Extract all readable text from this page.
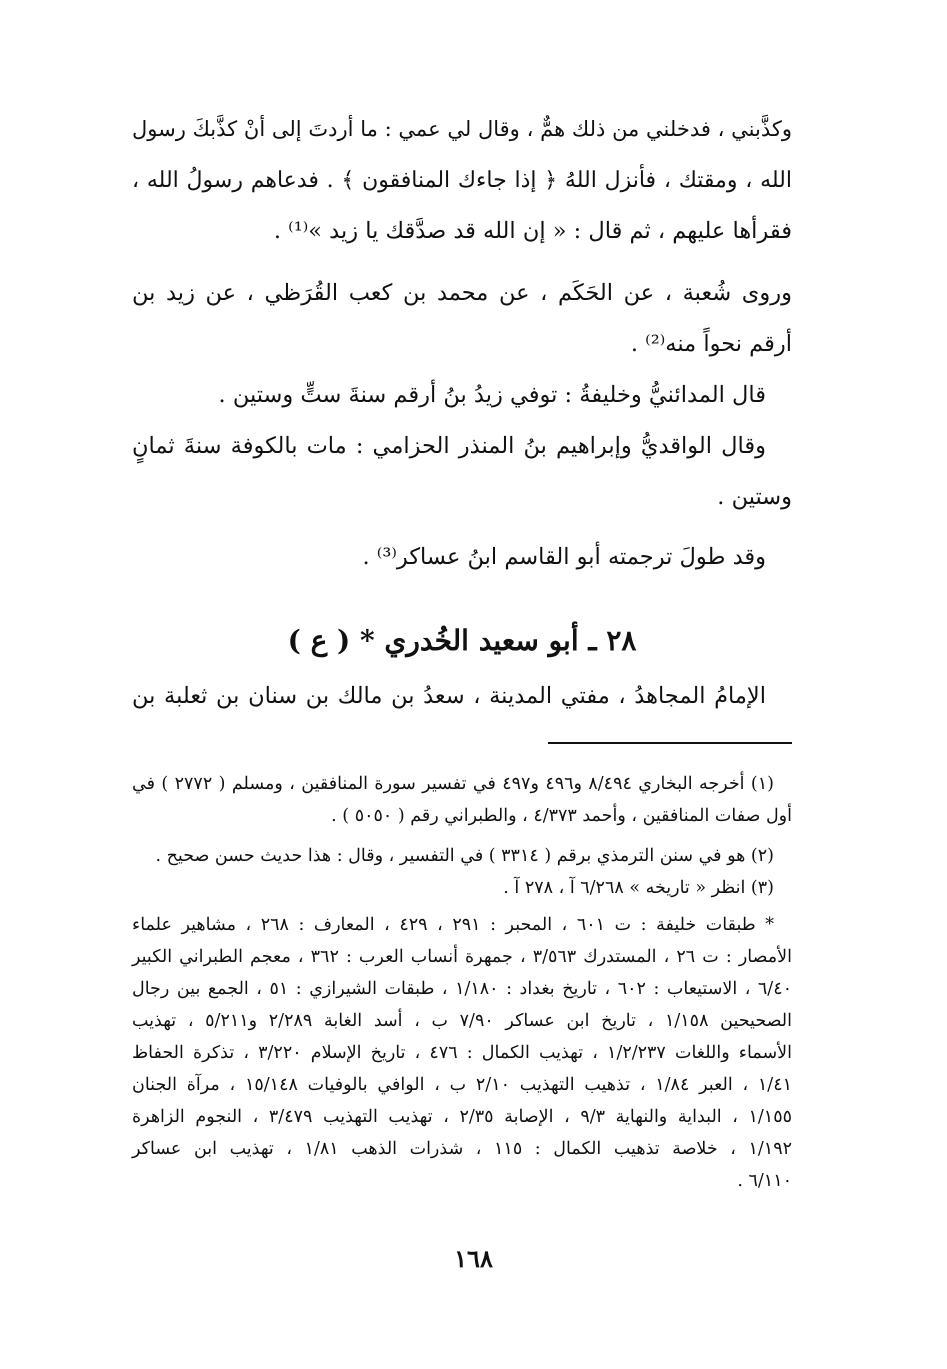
وكذَّبني ، فدخلني من ذلك همٌّ ، وقال لي عمي : ما أردتَ إلى أنْ كذَّبكَ رسول
الله ، ومقتك ، فأنزل اللهُ ﴿ إذا جاءك المنافقون ﴾ . فدعاهم رسولُ الله ،
فقرأها عليهم ، ثم قال : « إن الله قد صدَّقك يا زيد »⁽¹⁾ .
وروى شُعبة ، عن الحَكَم ، عن محمد بن كعب القُرَظي ، عن زيد بن
أرقم نحواً منه⁽²⁾ .
قال المدائنيُّ وخليفةُ : توفي زيدُ بنُ أرقم سنةَ ستٍّ وستين .
وقال الواقديُّ وإبراهيم بنُ المنذر الحزامي : مات بالكوفة سنةَ ثمانٍ
وستين .
وقد طولَ ترجمته أبو القاسم ابنُ عساكر⁽³⁾ .
٢٨ ـ أبو سعيد الخُدري * ( ع )
الإمامُ المجاهدُ ، مفتي المدينة ، سعدُ بن مالك بن سنان بن ثعلبة بن
(١) أخرجه البخاري ٨/٤٩٤ و٤٩٦ و٤٩٧ في تفسير سورة المنافقين ، ومسلم ( ٢٧٧٢ ) في
أول صفات المنافقين ، وأحمد ٤/٣٧٣ ، والطبراني رقم ( ٥٠٥٠ ) .
(٢) هو في سنن الترمذي برقم ( ٣٣١٤ ) في التفسير ، وقال : هذا حديث حسن صحيح .
(٣) انظر « تاريخه » ٦/٢٦٨ آ ، ٢٧٨ آ .
* طبقات خليفة : ت ٦٠١ ، المحبر : ٢٩١ ، ٤٢٩ ، المعارف : ٢٦٨ ، مشاهير علماء
الأمصار : ت ٢٦ ، المستدرك ٣/٥٦٣ ، جمهرة أنساب العرب : ٣٦٢ ، معجم الطبراني الكبير
٦/٤٠ ، الاستيعاب : ٦٠٢ ، تاريخ بغداد : ١/١٨٠ ، طبقات الشيرازي : ٥١ ، الجمع بين رجال
الصحيحين ١/١٥٨ ، تاريخ ابن عساكر ٧/٩٠ ب ، أسد الغابة ٢/٢٨٩ و٥/٢١١ ، تهذيب
الأسماء واللغات ١/٢/٢٣٧ ، تهذيب الكمال : ٤٧٦ ، تاريخ الإسلام ٣/٢٢٠ ، تذكرة الحفاظ
١/٤١ ، العبر ١/٨٤ ، تذهيب التهذيب ٢/١٠ ب ، الوافي بالوفيات ١٥/١٤٨ ، مرآة الجنان
١/١٥٥ ، البداية والنهاية ٩/٣ ، الإصابة ٢/٣٥ ، تهذيب التهذيب ٣/٤٧٩ ، النجوم الزاهرة
١/١٩٢ ، خلاصة تذهيب الكمال : ١١٥ ، شذرات الذهب ١/٨١ ، تهذيب ابن عساكر
٦/١١٠ .
١٦٨
